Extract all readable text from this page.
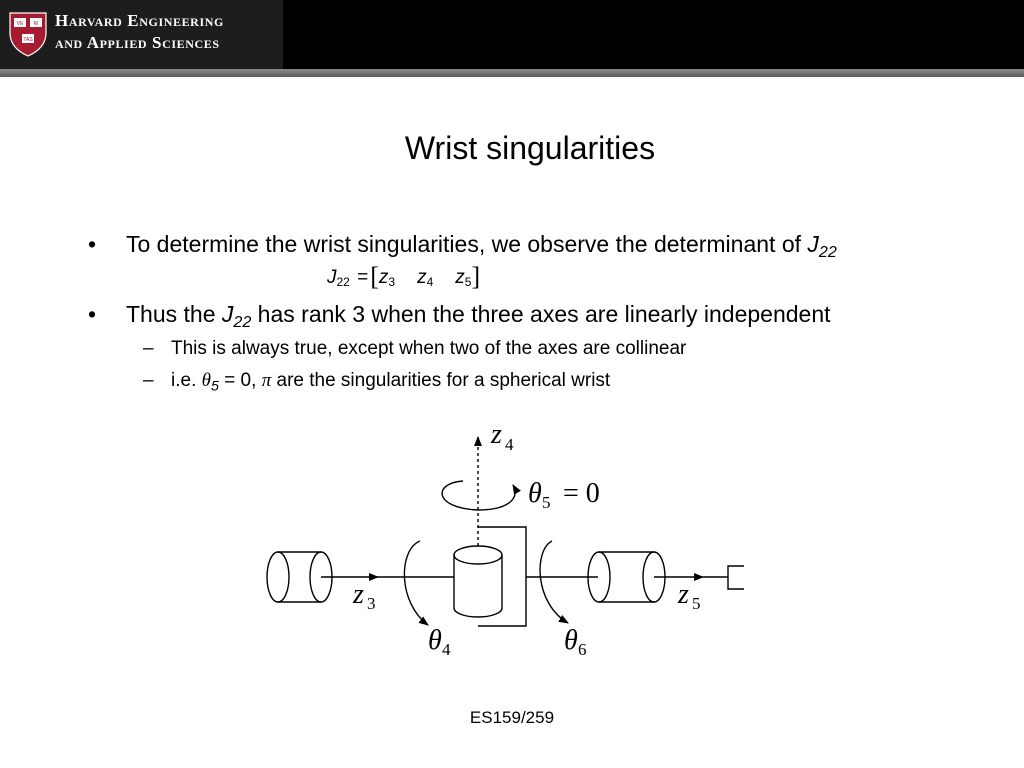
VE RI
TAS
Harvard Engineering
and Applied Sciences
Wrist singularities
• To determine the wrist singularities, we observe the determinant of $J_{22}$
J22 =[z3 z4 z5]
• Thus the $J_{22}$ has rank 3 when the three axes are linearly independent
– This is always true, except when two of the axes are collinear
– i.e. $\theta_5 = 0$, π are the singularities for a spherical wrist
z 4
θ 5 = 0
z 3	z 5
θ 4	θ 6
ES159/259
